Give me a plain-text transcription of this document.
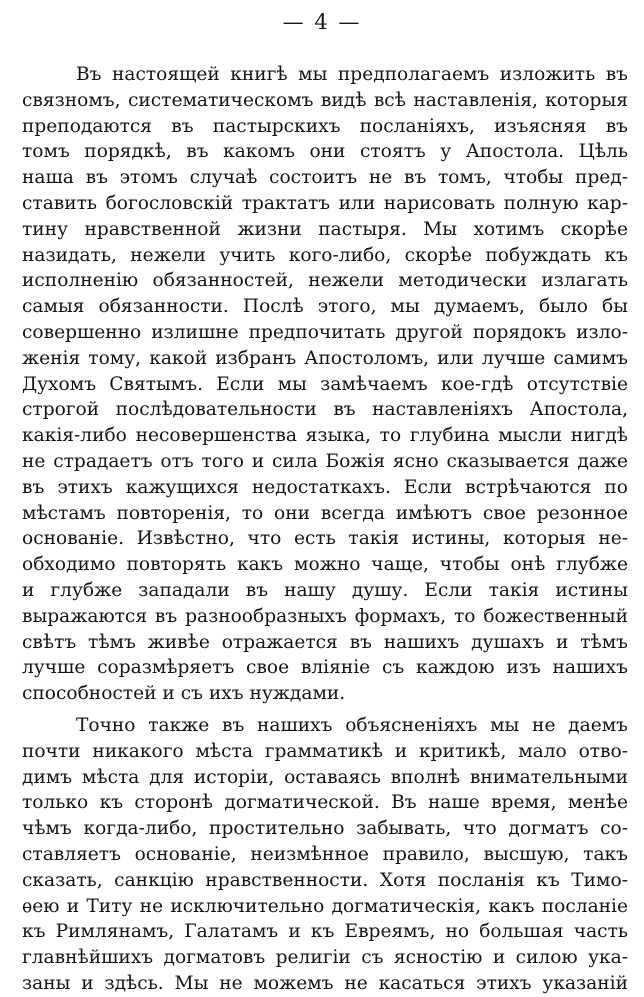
— 4 —
Въ настоящей книгѣ мы предполагаемъ изложить въ
связномъ, систематическомъ видѣ всѣ наставленія, которыя
преподаются въ пастырскихъ посланіяхъ, изъясняя въ
томъ порядкѣ, въ какомъ они стоятъ у Апостола. Цѣль
наша въ этомъ случаѣ состоитъ не въ томъ, чтобы пред-
ставить богословскій трактатъ или нарисовать полную кар-
тину нравственной жизни пастыря. Мы хотимъ скорѣе
назидать, нежели учить кого-либо, скорѣе побуждать къ
исполненію обязанностей, нежели методически излагать
самыя обязанности. Послѣ этого, мы думаемъ, было бы
совершенно излишне предпочитать другой порядокъ изло-
женія тому, какой избранъ Апостоломъ, или лучше самимъ
Духомъ Святымъ. Если мы замѣчаемъ кое-гдѣ отсутствіе
строгой послѣдовательности въ наставленіяхъ Апостола,
какія-либо несовершенства языка, то глубина мысли нигдѣ
не страдаетъ отъ того и сила Божія ясно сказывается даже
въ этихъ кажущихся недостаткахъ. Если встрѣчаются по
мѣстамъ повторенія, то они всегда имѣютъ свое резонное
основаніе. Извѣстно, что есть такія истины, которыя не-
обходимо повторять какъ можно чаще, чтобы онѣ глубже
и глубже западали въ нашу душу. Если такія истины
выражаются въ разнообразныхъ формахъ, то божественный
свѣтъ тѣмъ живѣе отражается въ нашихъ душахъ и тѣмъ
лучше соразмѣряетъ свое вліяніе съ каждою изъ нашихъ
способностей и съ ихъ нуждами.
Точно также въ нашихъ объясненіяхъ мы не даемъ
почти никакого мѣста грамматикѣ и критикѣ, мало отво-
димъ мѣста для исторіи, оставаясь вполнѣ внимательными
только къ сторонѣ догматической. Въ наше время, менѣе
чѣмъ когда-либо, простительно забывать, что догматъ со-
ставляетъ основаніе, неизмѣнное правило, высшую, такъ
сказать, санкцію нравственности. Хотя посланія къ Тимо-
ѳею и Титу не исключительно догматическія, какъ посланіе
къ Римлянамъ, Галатамъ и къ Евреямъ, но большая часть
главнѣйшихъ догматовъ религіи съ ясностію и силою ука-
заны и здѣсь. Мы не можемъ не касаться этихъ указаній
